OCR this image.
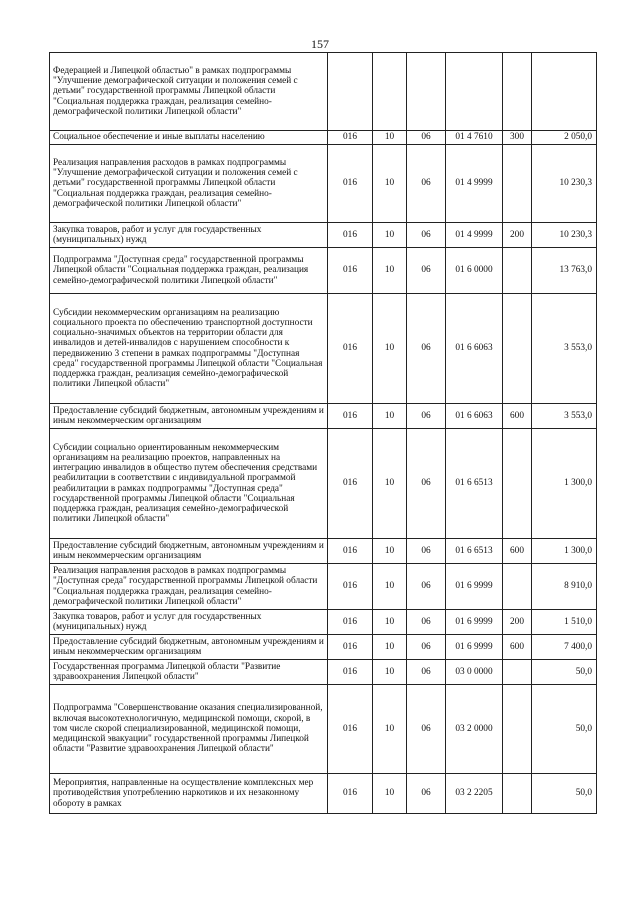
157
Федерацией и Липецкой областью" в рамках подпрограммы "Улучшение демографической ситуации и положения семей с детьми" государственной программы Липецкой области "Социальная поддержка граждан, реализация семейно-демографической политики Липецкой области"						
Социальное обеспечение и иные выплаты населению	016	10	06	01 4 7610	300	2 050,0
Реализация направления расходов в рамках подпрограммы "Улучшение демографической ситуации и положения семей с детьми" государственной программы Липецкой области "Социальная поддержка граждан, реализация семейно-демографической политики Липецкой области"	016	10	06	01 4 9999		10 230,3
Закупка товаров, работ и услуг для государственных (муниципальных) нужд	016	10	06	01 4 9999	200	10 230,3
Подпрограмма "Доступная среда" государственной программы Липецкой области "Социальная поддержка граждан, реализация семейно-демографической политики Липецкой области"	016	10	06	01 6 0000		13 763,0
Субсидии некоммерческим организациям на реализацию социального проекта по обеспечению транспортной доступности социально-значимых объектов на территории области для инвалидов и детей-инвалидов с нарушением способности к передвижению 3 степени в рамках подпрограммы "Доступная среда" государственной программы Липецкой области "Социальная поддержка граждан, реализация семейно-демографической политики Липецкой области"	016	10	06	01 6 6063		3 553,0
Предоставление субсидий бюджетным, автономным учреждениям и иным некоммерческим организациям	016	10	06	01 6 6063	600	3 553,0
Субсидии социально ориентированным некоммерческим организациям на реализацию проектов, направленных на интеграцию инвалидов в общество путем обеспечения средствами реабилитации в соответствии с индивидуальной программой реабилитации в рамках подпрограммы "Доступная среда" государственной программы Липецкой области "Социальная поддержка граждан, реализация семейно-демографической политики Липецкой области"	016	10	06	01 6 6513		1 300,0
Предоставление субсидий бюджетным, автономным учреждениям и иным некоммерческим организациям	016	10	06	01 6 6513	600	1 300,0
Реализация направления расходов в рамках подпрограммы "Доступная среда" государственной программы Липецкой области "Социальная поддержка граждан, реализация семейно-демографической политики Липецкой области"	016	10	06	01 6 9999		8 910,0
Закупка товаров, работ и услуг для государственных (муниципальных) нужд	016	10	06	01 6 9999	200	1 510,0
Предоставление субсидий бюджетным, автономным учреждениям и иным некоммерческим организациям	016	10	06	01 6 9999	600	7 400,0
Государственная программа Липецкой области "Развитие здравоохранения Липецкой области"	016	10	06	03 0 0000		50,0
Подпрограмма "Совершенствование оказания специализированной, включая высокотехнологичную, медицинской помощи, скорой, в том числе скорой специализированной, медицинской помощи, медицинской эвакуации" государственной программы Липецкой области "Развитие здравоохранения Липецкой области"	016	10	06	03 2 0000		50,0
Мероприятия, направленные на осуществление комплексных мер противодействия употреблению наркотиков и их незаконному обороту в рамках	016	10	06	03 2 2205		50,0
